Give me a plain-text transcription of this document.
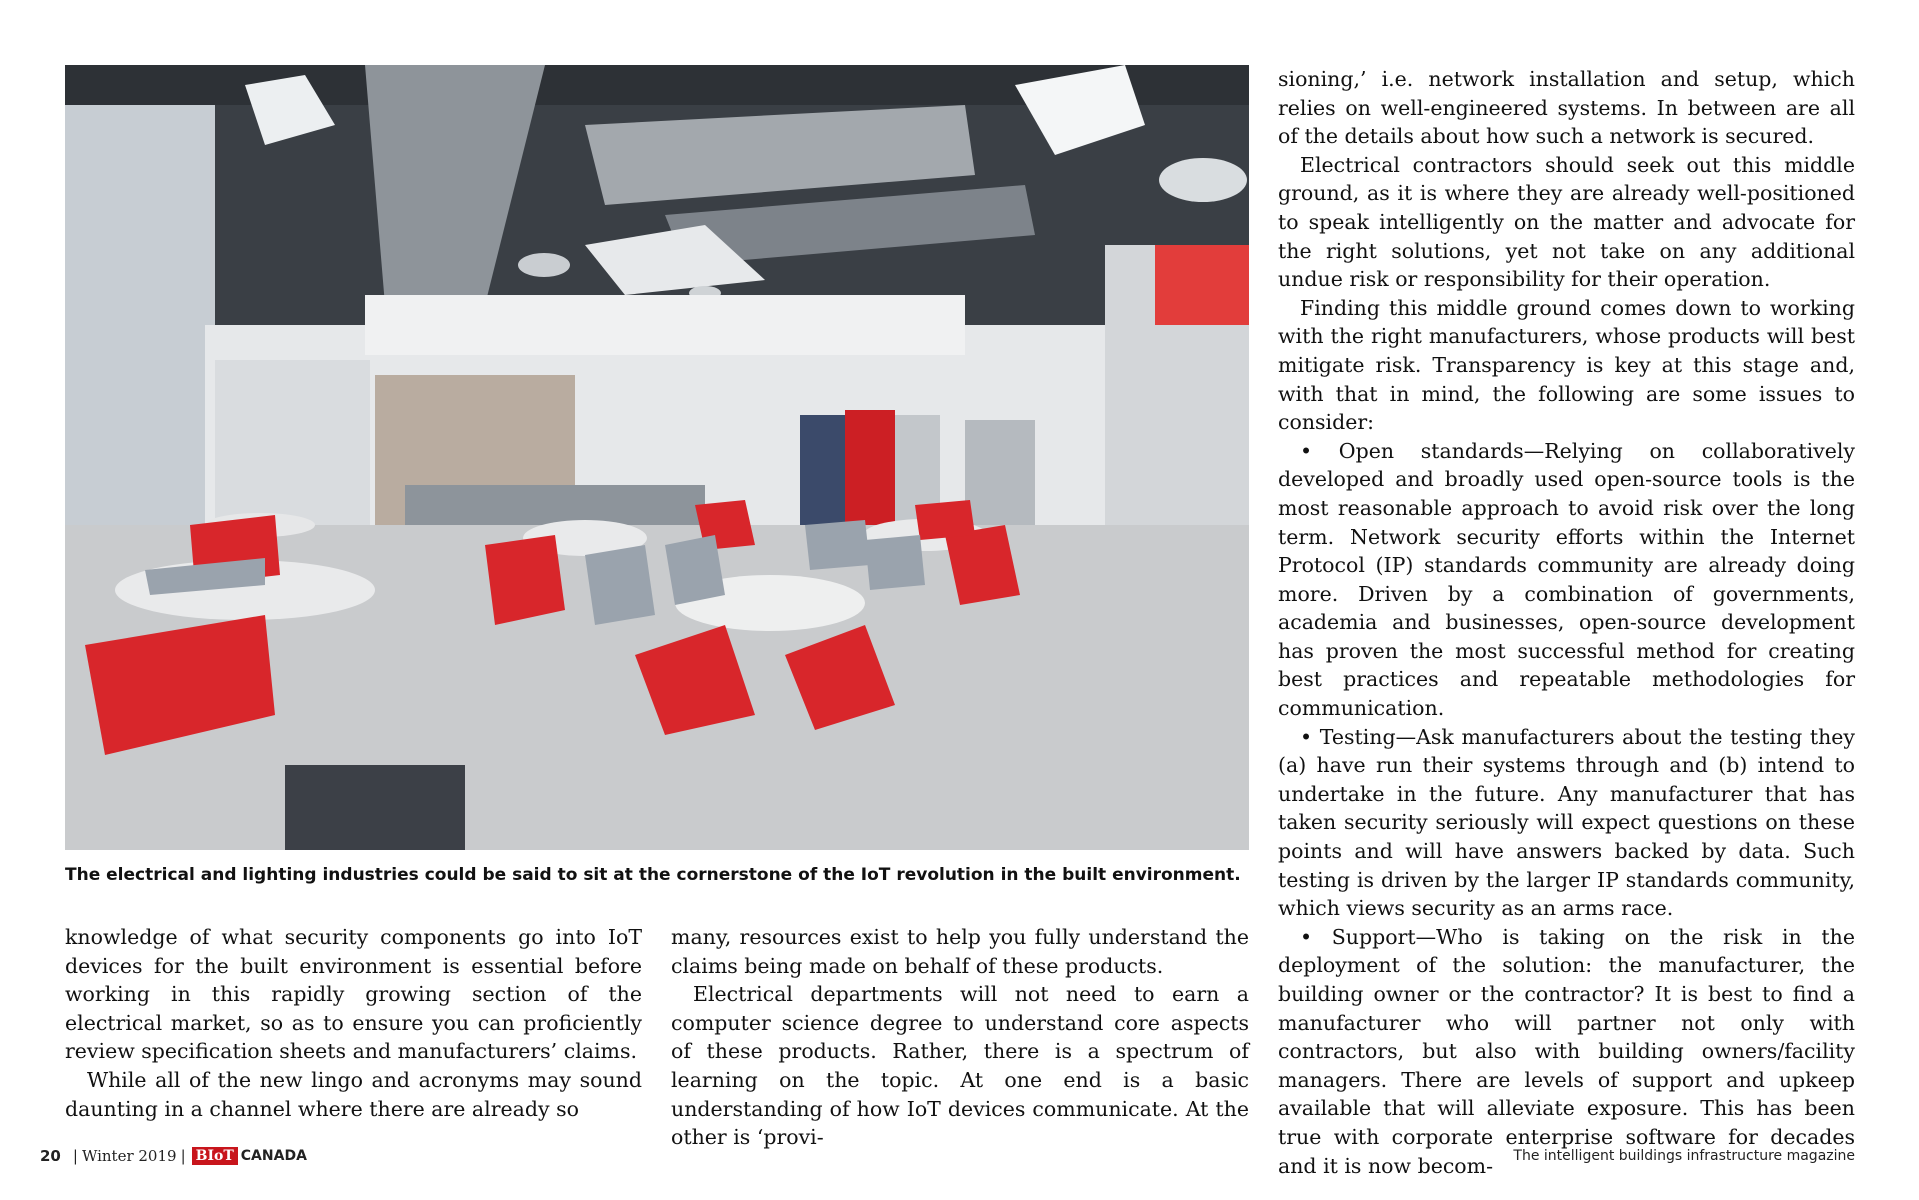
The electrical and lighting industries could be said to sit at the cornerstone of the IoT revolution in the built environment.

knowledge of what security components go into IoT devices for the built environment is essential before working in this rapidly growing section of the electrical market, so as to ensure you can proficiently review specification sheets and manufacturers’ claims.

While all of the new lingo and acronyms may sound daunting in a channel where there are already so

many, resources exist to help you fully understand the claims being made on behalf of these products.

Electrical departments will not need to earn a computer science degree to understand core aspects of these products. Rather, there is a spectrum of learning on the topic. At one end is a basic understanding of how IoT devices communicate. At the other is ‘provi-

sioning,’ i.e. network installation and setup, which relies on well-engineered systems. In between are all of the details about how such a network is secured.

Electrical contractors should seek out this middle ground, as it is where they are already well-positioned to speak intelligently on the matter and advocate for the right solutions, yet not take on any additional undue risk or responsibility for their operation.

Finding this middle ground comes down to working with the right manufacturers, whose products will best mitigate risk. Transparency is key at this stage and, with that in mind, the following are some issues to consider:

• Open standards—Relying on collaboratively developed and broadly used open-source tools is the most reasonable approach to avoid risk over the long term. Network security efforts within the Internet Protocol (IP) standards community are already doing more. Driven by a combination of governments, academia and businesses, open-source development has proven the most successful method for creating best practices and repeatable methodologies for communication.

• Testing—Ask manufacturers about the testing they (a) have run their systems through and (b) intend to undertake in the future. Any manufacturer that has taken security seriously will expect questions on these points and will have answers backed by data. Such testing is driven by the larger IP standards community, which views security as an arms race.

• Support—Who is taking on the risk in the deployment of the solution: the manufacturer, the building owner or the contractor? It is best to find a manufacturer who will partner not only with contractors, but also with building owners/facility managers. There are levels of support and upkeep available that will alleviate exposure. This has been true with corporate enterprise software for decades and it is now becom-

20 | Winter 2019 | BIoT CANADA	The intelligent buildings infrastructure magazine
